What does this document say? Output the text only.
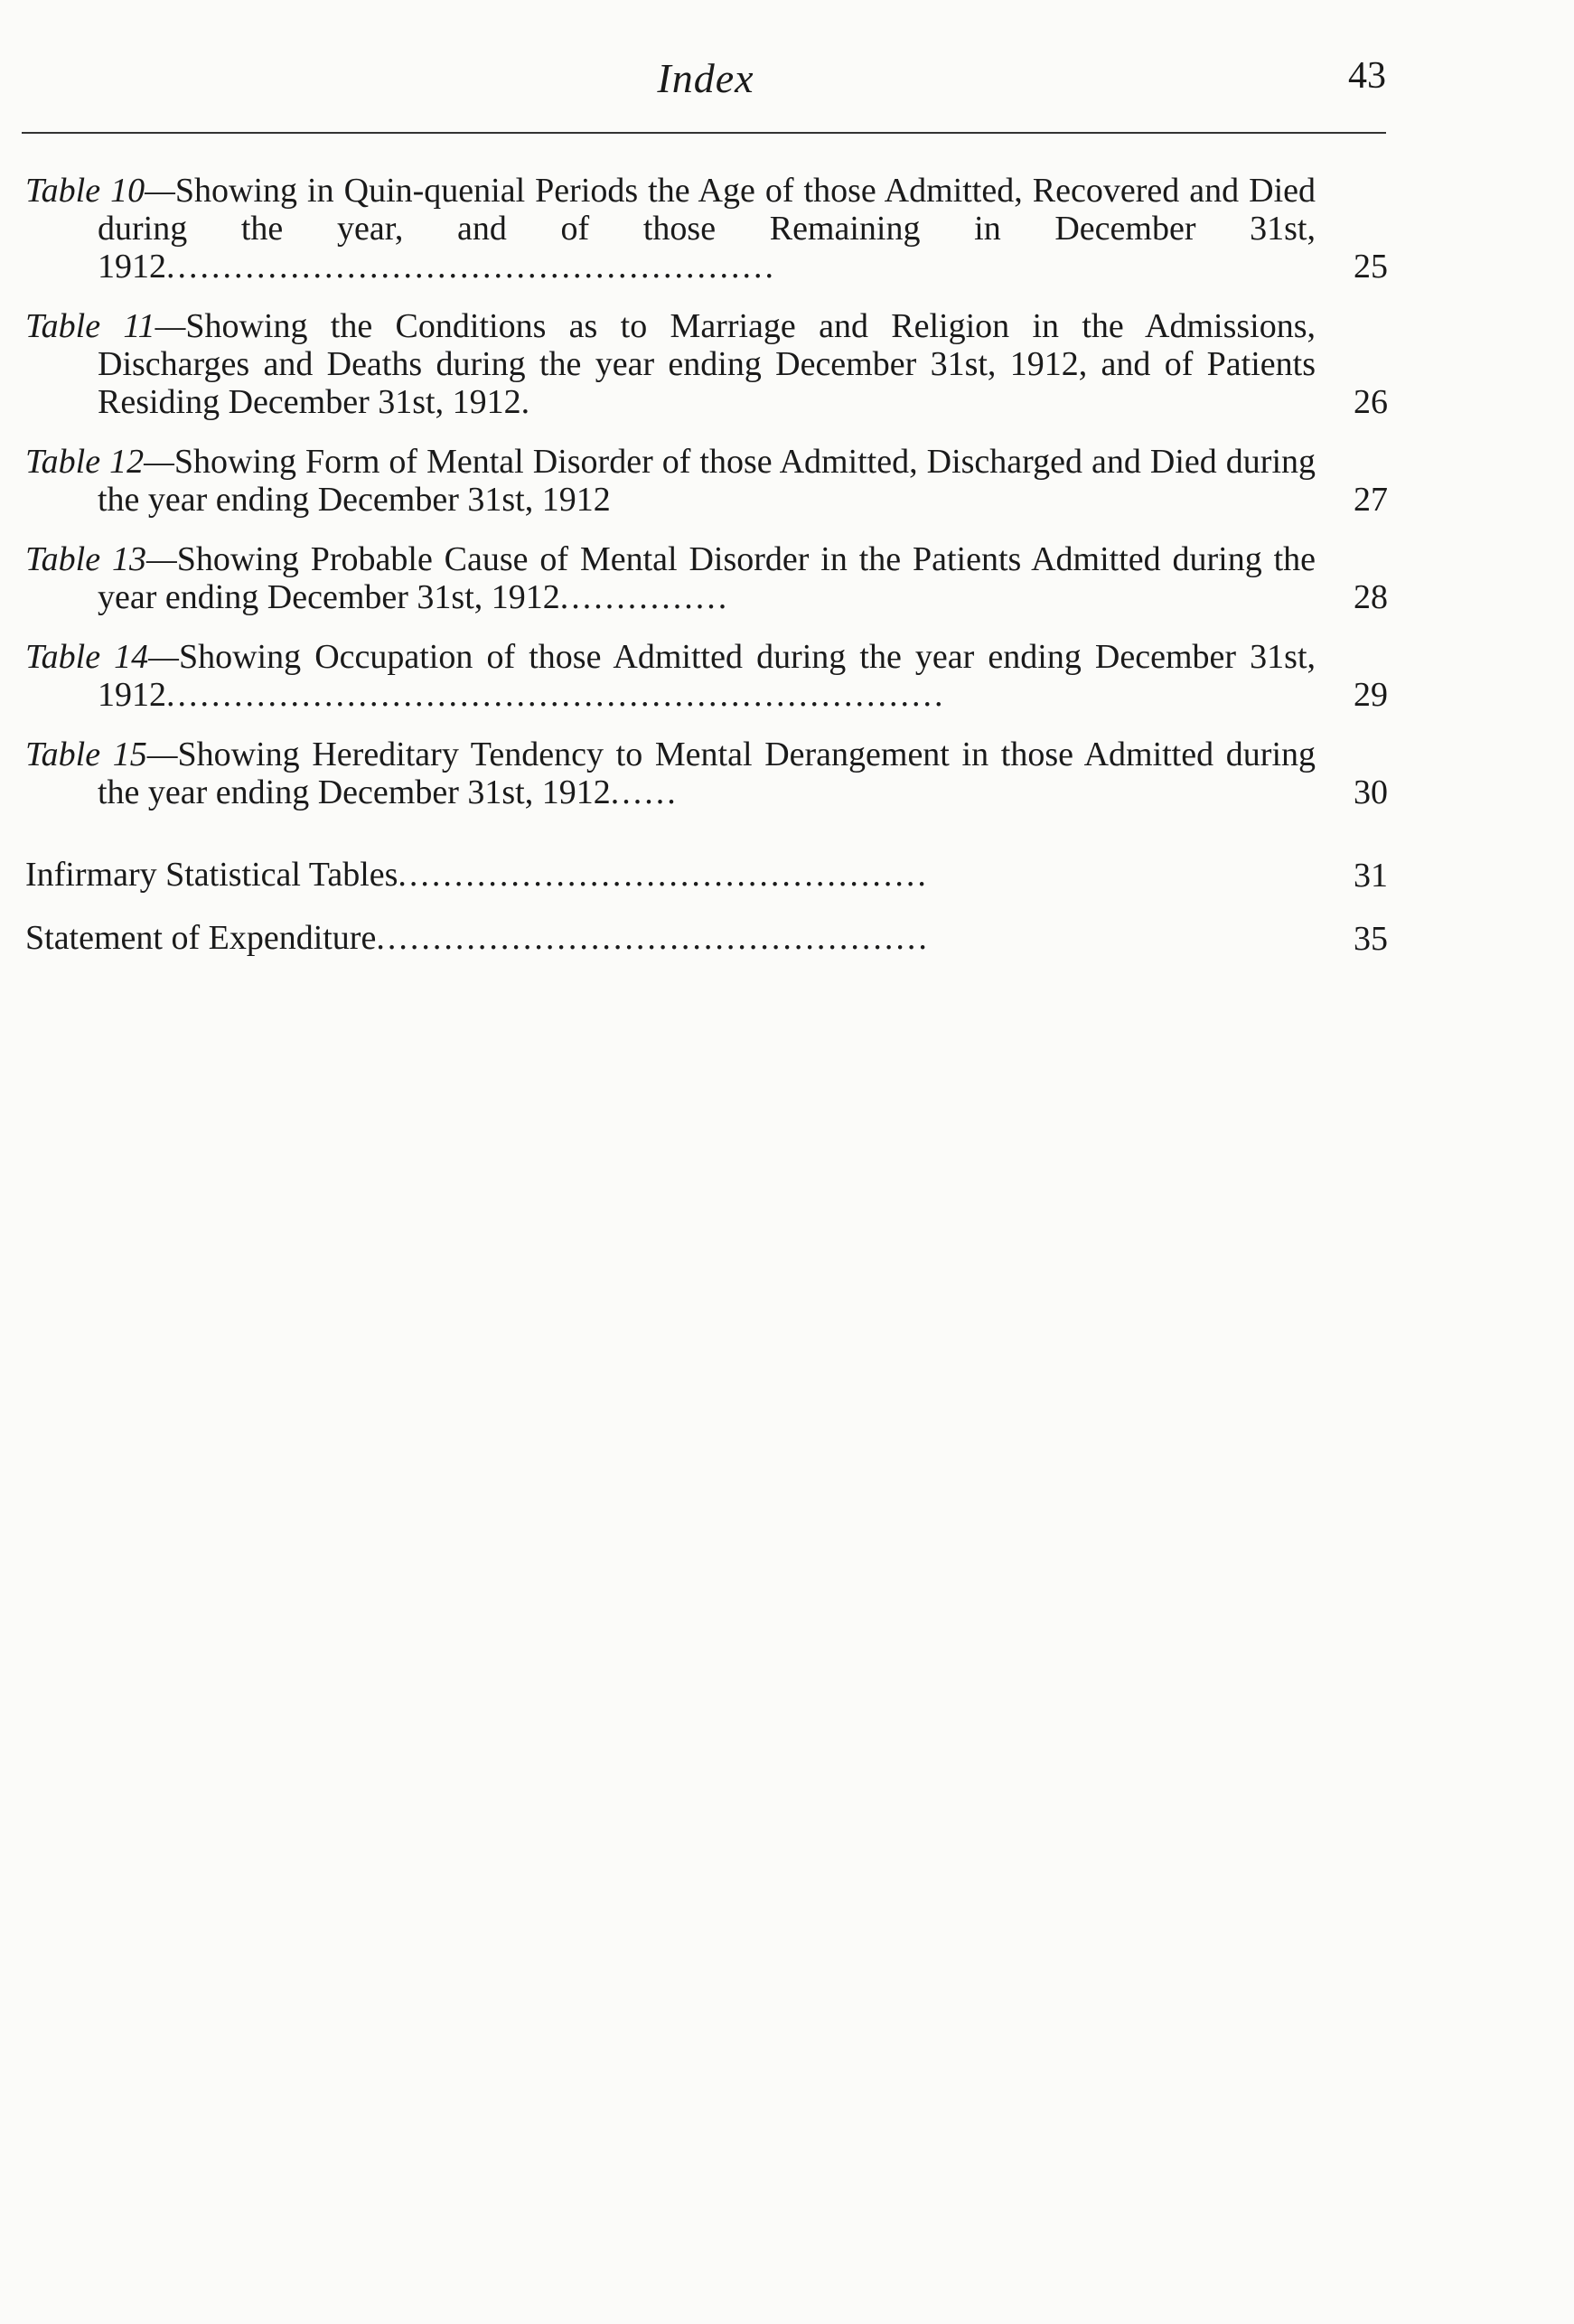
Index	43
Table 10—Showing in Quin-quenial Periods the Age of those Admitted, Recovered and Died during the year, and of those Remaining in December 31st, 1912......................................................	25
Table 11—Showing the Conditions as to Marriage and Religion in the Admissions, Discharges and Deaths during the year ending December 31st, 1912, and of Patients Residing December 31st, 1912.	26
Table 12—Showing Form of Mental Disorder of those Admitted, Discharged and Died during the year ending December 31st, 1912	27
Table 13—Showing Probable Cause of Mental Disorder in the Patients Admitted during the year ending December 31st, 1912...............	28
Table 14—Showing Occupation of those Admitted during the year ending December 31st, 1912.....................................................................	29
Table 15—Showing Hereditary Tendency to Mental Derangement in those Admitted during the year ending December 31st, 1912......	30
Infirmary Statistical Tables...............................................	31
Statement of Expenditure.................................................	35
